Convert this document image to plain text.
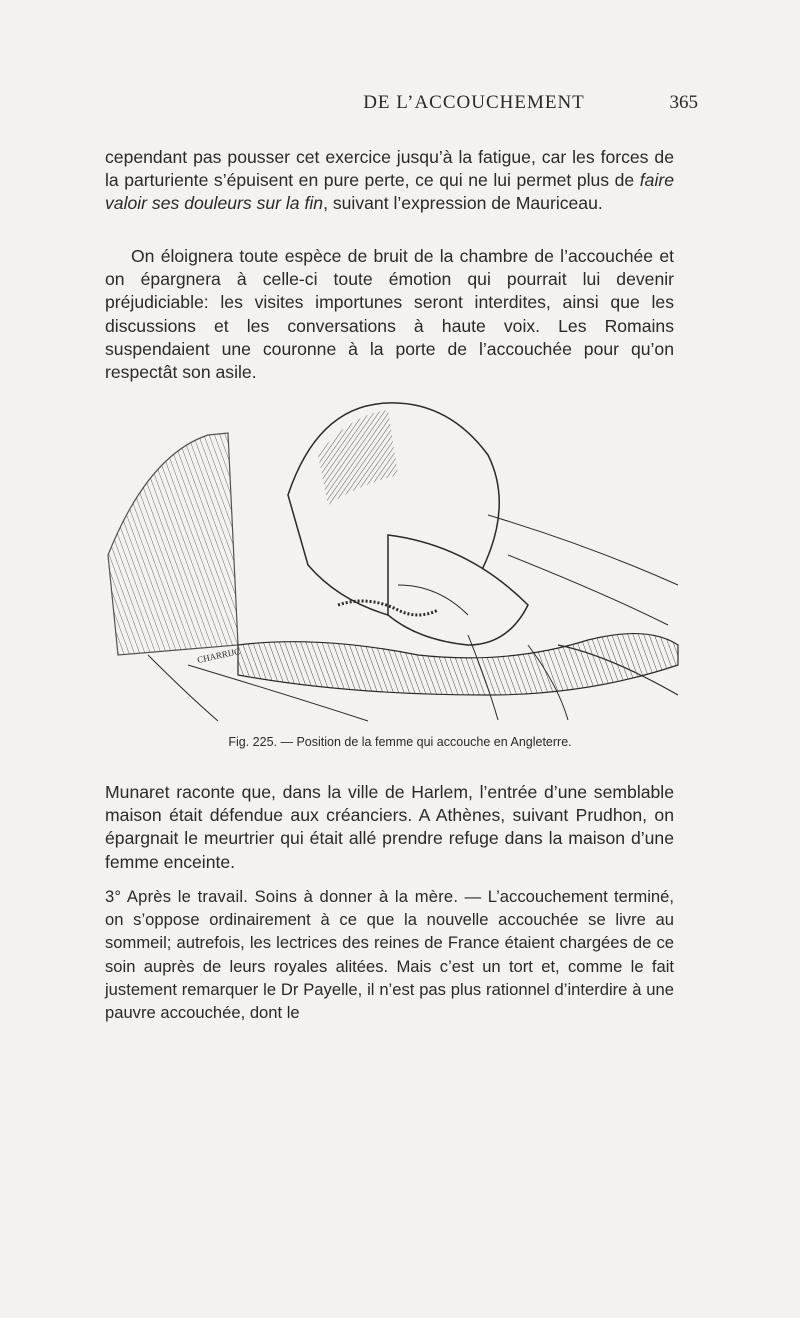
DE L’ACCOUCHEMENT	365

cependant pas pousser cet exercice jusqu’à la fatigue, car les forces de la parturiente s’épuisent en pure perte, ce qui ne lui permet plus de faire valoir ses douleurs sur la fin, suivant l’expression de Mauriceau.

On éloignera toute espèce de bruit de la chambre de l’accouchée et on épargnera à celle-ci toute émotion qui pourrait lui devenir préjudiciable: les visites importunes seront interdites, ainsi que les discussions et les conversations à haute voix. Les Romains suspendaient une couronne à la porte de l’accouchée pour qu’on respectât son asile.

CHARRIJC
Fig. 225. — Position de la femme qui accouche en Angleterre.

Munaret raconte que, dans la ville de Harlem, l’entrée d’une semblable maison était défendue aux créanciers. A Athènes, suivant Prudhon, on épargnait le meurtrier qui était allé prendre refuge dans la maison d’une femme enceinte.

3° Après le travail. Soins à donner à la mère. — L’accouchement terminé, on s’oppose ordinairement à ce que la nouvelle accouchée se livre au sommeil; autrefois, les lectrices des reines de France étaient chargées de ce soin auprès de leurs royales alitées. Mais c’est un tort et, comme le fait justement remarquer le Dr Payelle, il n’est pas plus rationnel d’interdire à une pauvre accouchée, dont le
